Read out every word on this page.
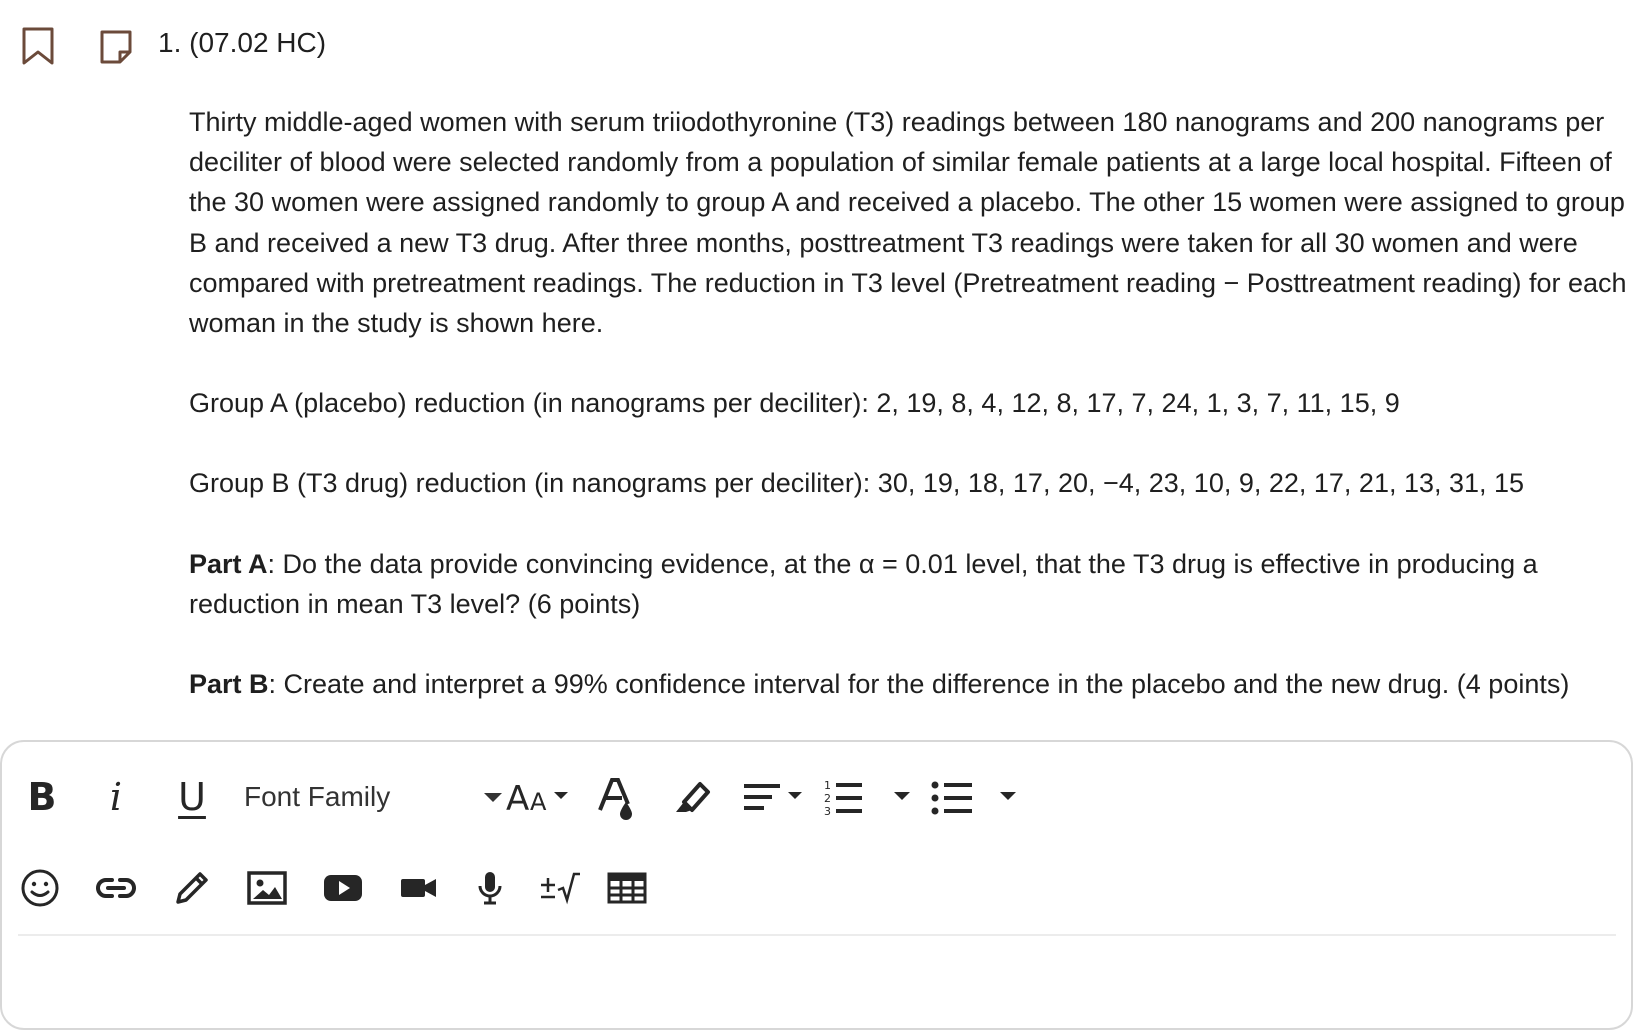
1. (07.02 HC)

Thirty middle-aged women with serum triiodothyronine (T3) readings between 180 nanograms and 200 nanograms per deciliter of blood were selected randomly from a population of similar female patients at a large local hospital. Fifteen of the 30 women were assigned randomly to group A and received a placebo. The other 15 women were assigned to group B and received a new T3 drug. After three months, posttreatment T3 readings were taken for all 30 women and were compared with pretreatment readings. The reduction in T3 level (Pretreatment reading − Posttreatment reading) for each woman in the study is shown here.

Group A (placebo) reduction (in nanograms per deciliter): 2, 19, 8, 4, 12, 8, 17, 7, 24, 1, 3, 7, 11, 15, 9

Group B (T3 drug) reduction (in nanograms per deciliter): 30, 19, 18, 17, 20, −4, 23, 10, 9, 22, 17, 21, 13, 31, 15

Part A: Do the data provide convincing evidence, at the α = 0.01 level, that the T3 drug is effective in producing a reduction in mean T3 level? (6 points)

Part B: Create and interpret a 99% confidence interval for the difference in the placebo and the new drug. (4 points)

B i U Font Family	A A
1
2
3
